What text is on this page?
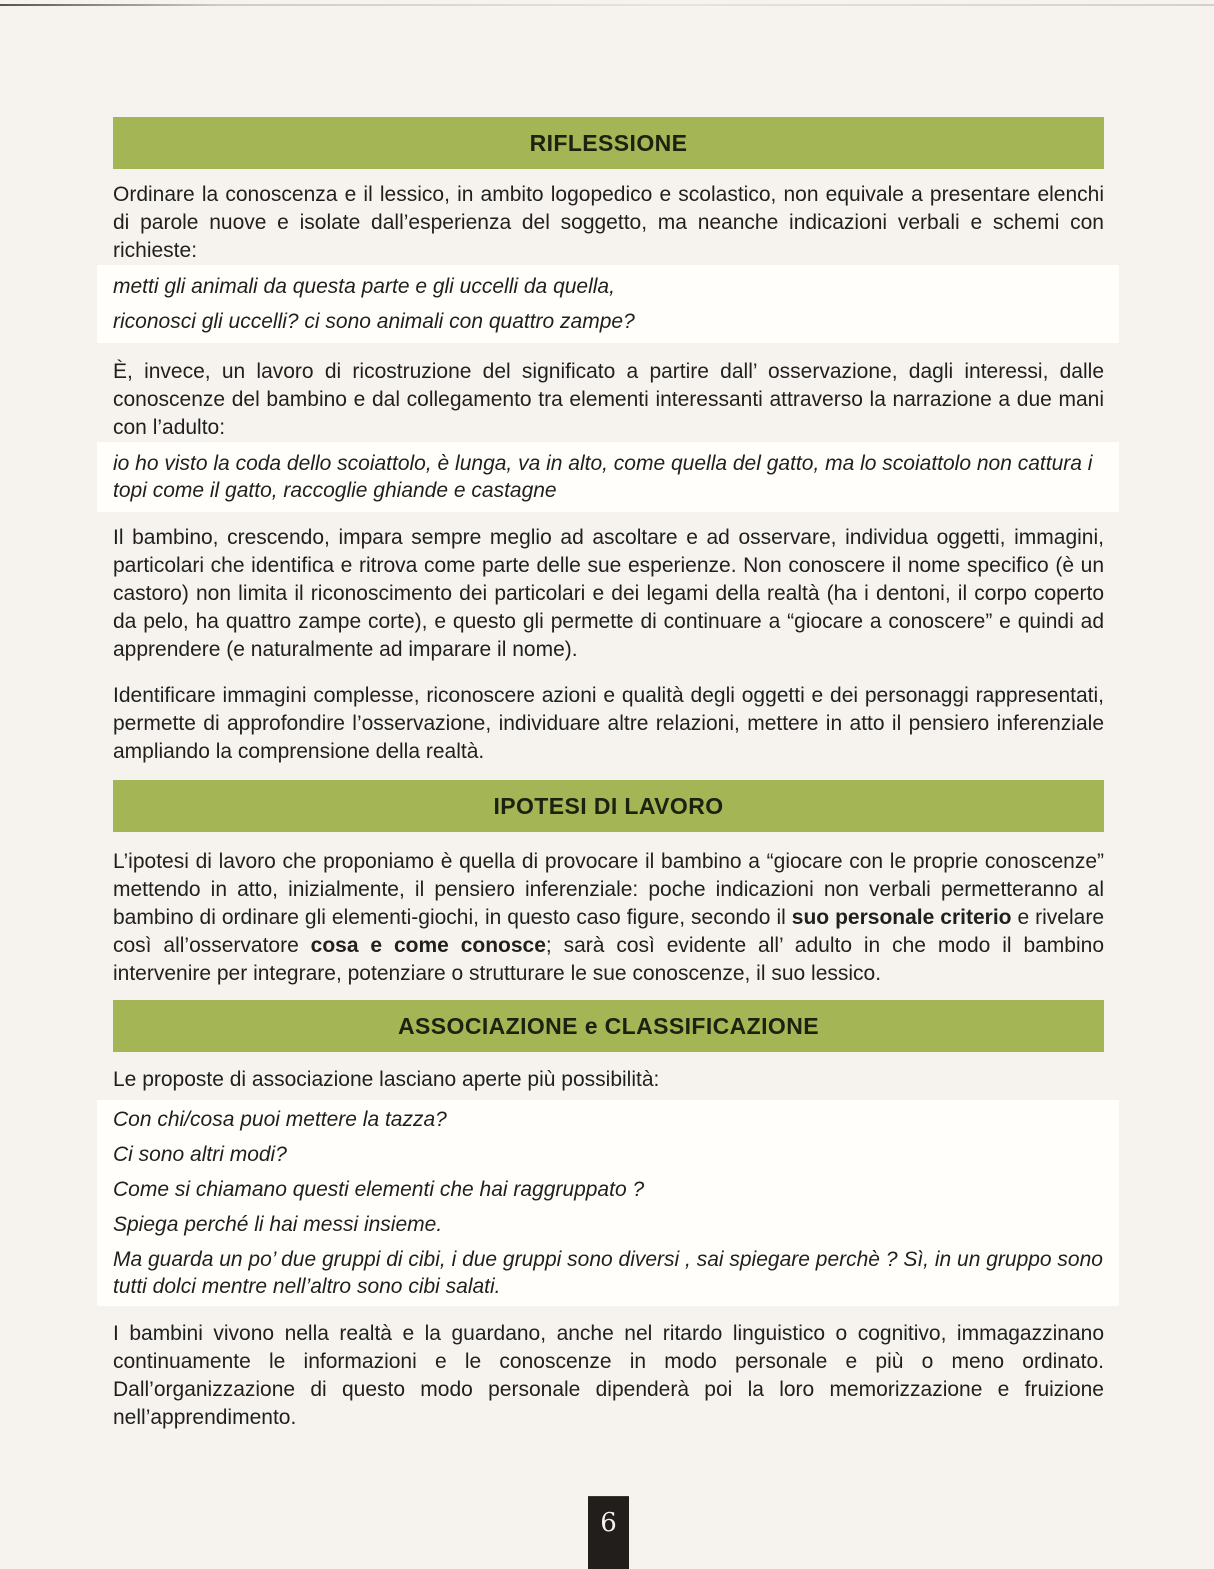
RIFLESSIONE

Ordinare la conoscenza e il lessico, in ambito logopedico e scolastico, non equivale a presentare elenchi di parole nuove e isolate dall’esperienza del soggetto, ma neanche indicazioni verbali e schemi con richieste:

metti gli animali da questa parte e gli uccelli da quella,

riconosci gli uccelli? ci sono animali con quattro zampe?

È, invece, un lavoro di ricostruzione del significato a partire dall’ osservazione, dagli interessi, dalle conoscenze del bambino e dal collegamento tra elementi interessanti attraverso la narrazione a due mani con l’adulto:

io ho visto la coda dello scoiattolo, è lunga, va in alto, come quella del gatto, ma lo scoiattolo non cattura i topi come il gatto, raccoglie ghiande e castagne

Il bambino, crescendo, impara sempre meglio ad ascoltare e ad osservare, individua oggetti, immagini, particolari che identifica e ritrova come parte delle sue esperienze. Non conoscere il nome specifico (è un castoro) non limita il riconoscimento dei particolari e dei legami della realtà (ha i dentoni, il corpo coperto da pelo, ha quattro zampe corte), e questo gli permette di continuare a “giocare a conoscere” e quindi ad apprendere (e naturalmente ad imparare il nome).

Identificare immagini complesse, riconoscere azioni e qualità degli oggetti e dei personaggi rappresentati, permette di approfondire l’osservazione, individuare altre relazioni, mettere in atto il pensiero inferenziale ampliando la comprensione della realtà.

IPOTESI DI LAVORO

L’ipotesi di lavoro che proponiamo è quella di provocare il bambino a “giocare con le proprie conoscenze” mettendo in atto, inizialmente, il pensiero inferenziale: poche indicazioni non verbali permetteranno al bambino di ordinare gli elementi-giochi, in questo caso figure, secondo il suo personale criterio e rivelare così all’osservatore cosa e come conosce; sarà così evidente all’ adulto in che modo il bambino intervenire per integrare, potenziare o strutturare le sue conoscenze, il suo lessico.

ASSOCIAZIONE e CLASSIFICAZIONE

Le proposte di associazione lasciano aperte più possibilità:

Con chi/cosa puoi mettere la tazza?

Ci sono altri modi?

Come si chiamano questi elementi che hai raggruppato ?

Spiega perché li hai messi insieme.

Ma guarda un po’ due gruppi di cibi, i due gruppi sono diversi , sai spiegare perchè ? Sì, in un gruppo sono tutti dolci mentre nell’altro sono cibi salati.

I bambini vivono nella realtà e la guardano, anche nel ritardo linguistico o cognitivo, immagazzinano continuamente le informazioni e le conoscenze in modo personale e più o meno ordinato. Dall’organizzazione di questo modo personale dipenderà poi la loro memorizzazione e fruizione nell’apprendimento.

6
